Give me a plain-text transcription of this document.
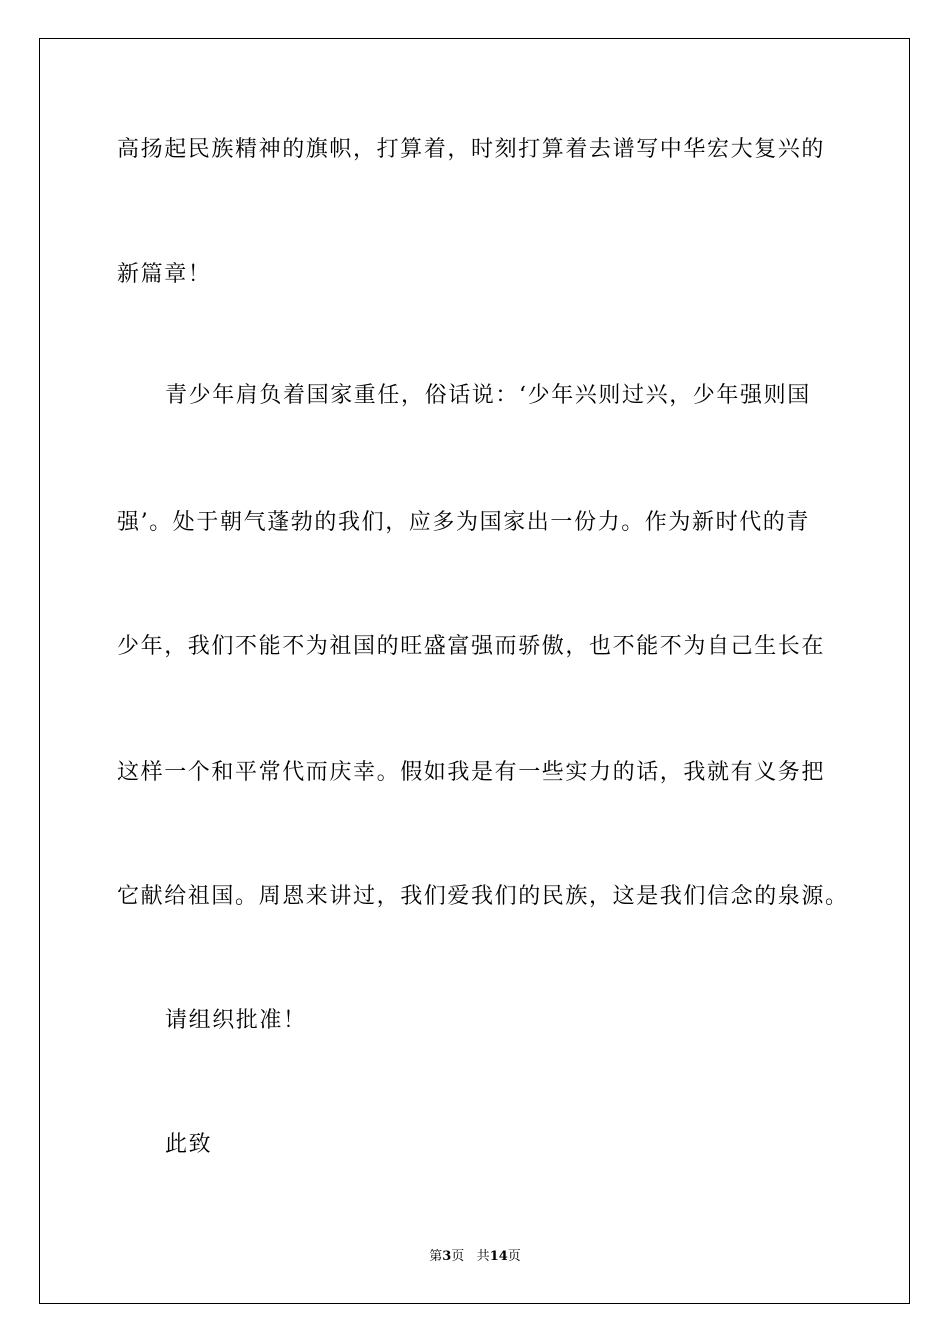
高扬起民族精神的旗帜，打算着，时刻打算着去谱写中华宏大复兴的
新篇章！
青少年肩负着国家重任，俗话说：‘少年兴则过兴，少年强则国
强’。处于朝气蓬勃的我们，应多为国家出一份力。作为新时代的青
少年，我们不能不为祖国的旺盛富强而骄傲，也不能不为自己生长在
这样一个和平常代而庆幸。假如我是有一些实力的话，我就有义务把
它献给祖国。周恩来讲过，我们爱我们的民族，这是我们信念的泉源。
请组织批准！
此致
第3页 共14页
